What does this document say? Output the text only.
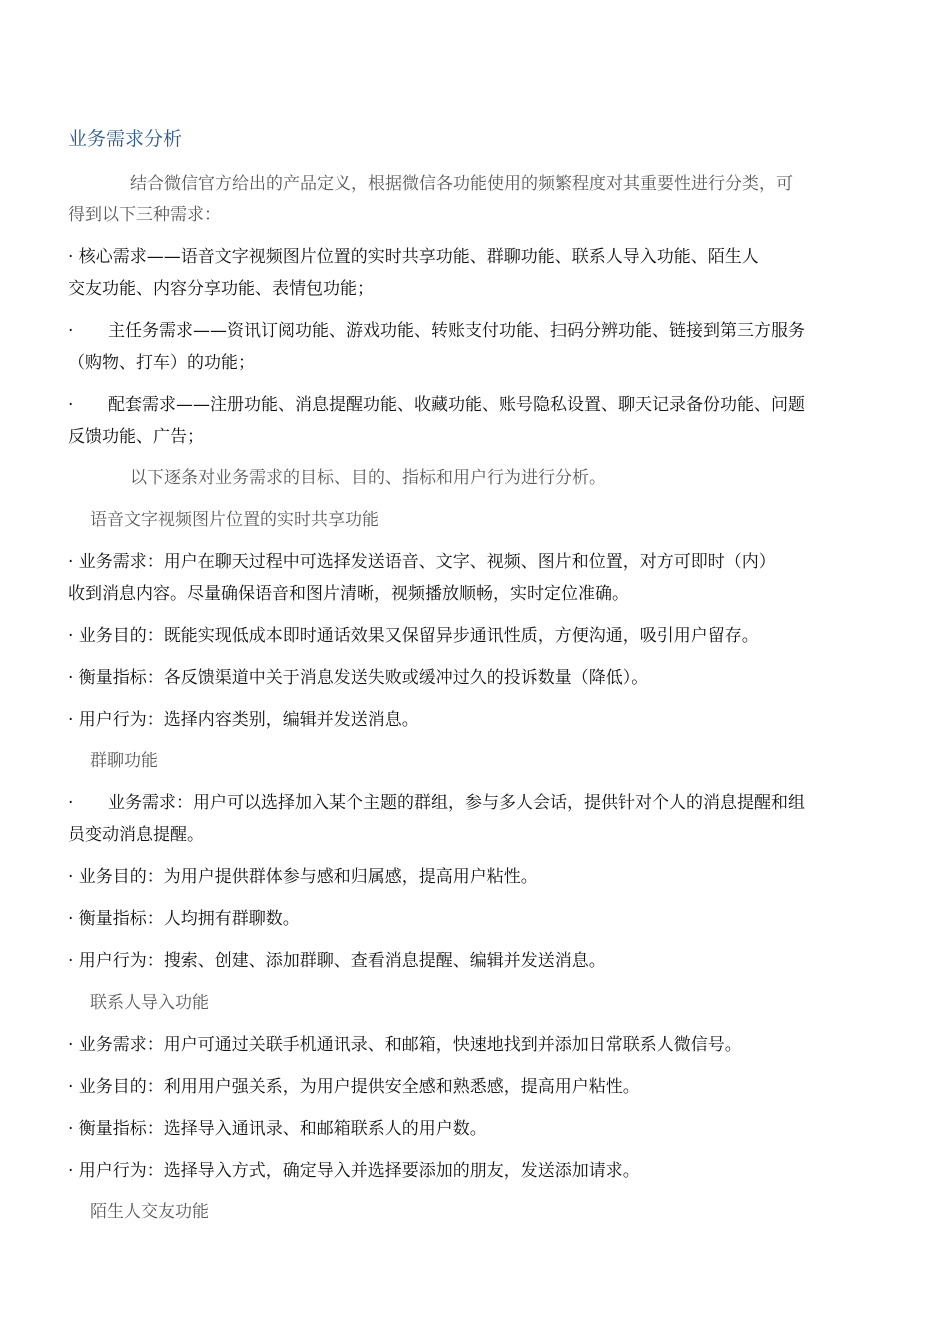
业务需求分析
结合微信官方给出的产品定义，根据微信各功能使用的频繁程度对其重要性进行分类，可
得到以下三种需求：
· 核心需求——语音文字视频图片位置的实时共享功能、群聊功能、联系人导入功能、陌生人
交友功能、内容分享功能、表情包功能；
· 主任务需求——资讯订阅功能、游戏功能、转账支付功能、扫码分辨功能、链接到第三方服务
（购物、打车）的功能；
· 配套需求——注册功能、消息提醒功能、收藏功能、账号隐私设置、聊天记录备份功能、问题
反馈功能、广告；
以下逐条对业务需求的目标、目的、指标和用户行为进行分析。
语音文字视频图片位置的实时共享功能
· 业务需求：用户在聊天过程中可选择发送语音、文字、视频、图片和位置，对方可即时（内）
收到消息内容。尽量确保语音和图片清晰，视频播放顺畅，实时定位准确。
· 业务目的：既能实现低成本即时通话效果又保留异步通讯性质，方便沟通，吸引用户留存。
· 衡量指标：各反馈渠道中关于消息发送失败或缓冲过久的投诉数量（降低）。
· 用户行为：选择内容类别，编辑并发送消息。
群聊功能
· 业务需求：用户可以选择加入某个主题的群组，参与多人会话，提供针对个人的消息提醒和组
员变动消息提醒。
· 业务目的：为用户提供群体参与感和归属感，提高用户粘性。
· 衡量指标：人均拥有群聊数。
· 用户行为：搜索、创建、添加群聊、查看消息提醒、编辑并发送消息。
联系人导入功能
· 业务需求：用户可通过关联手机通讯录、和邮箱，快速地找到并添加日常联系人微信号。
· 业务目的：利用用户强关系，为用户提供安全感和熟悉感，提高用户粘性。
· 衡量指标：选择导入通讯录、和邮箱联系人的用户数。
· 用户行为：选择导入方式，确定导入并选择要添加的朋友，发送添加请求。
陌生人交友功能
